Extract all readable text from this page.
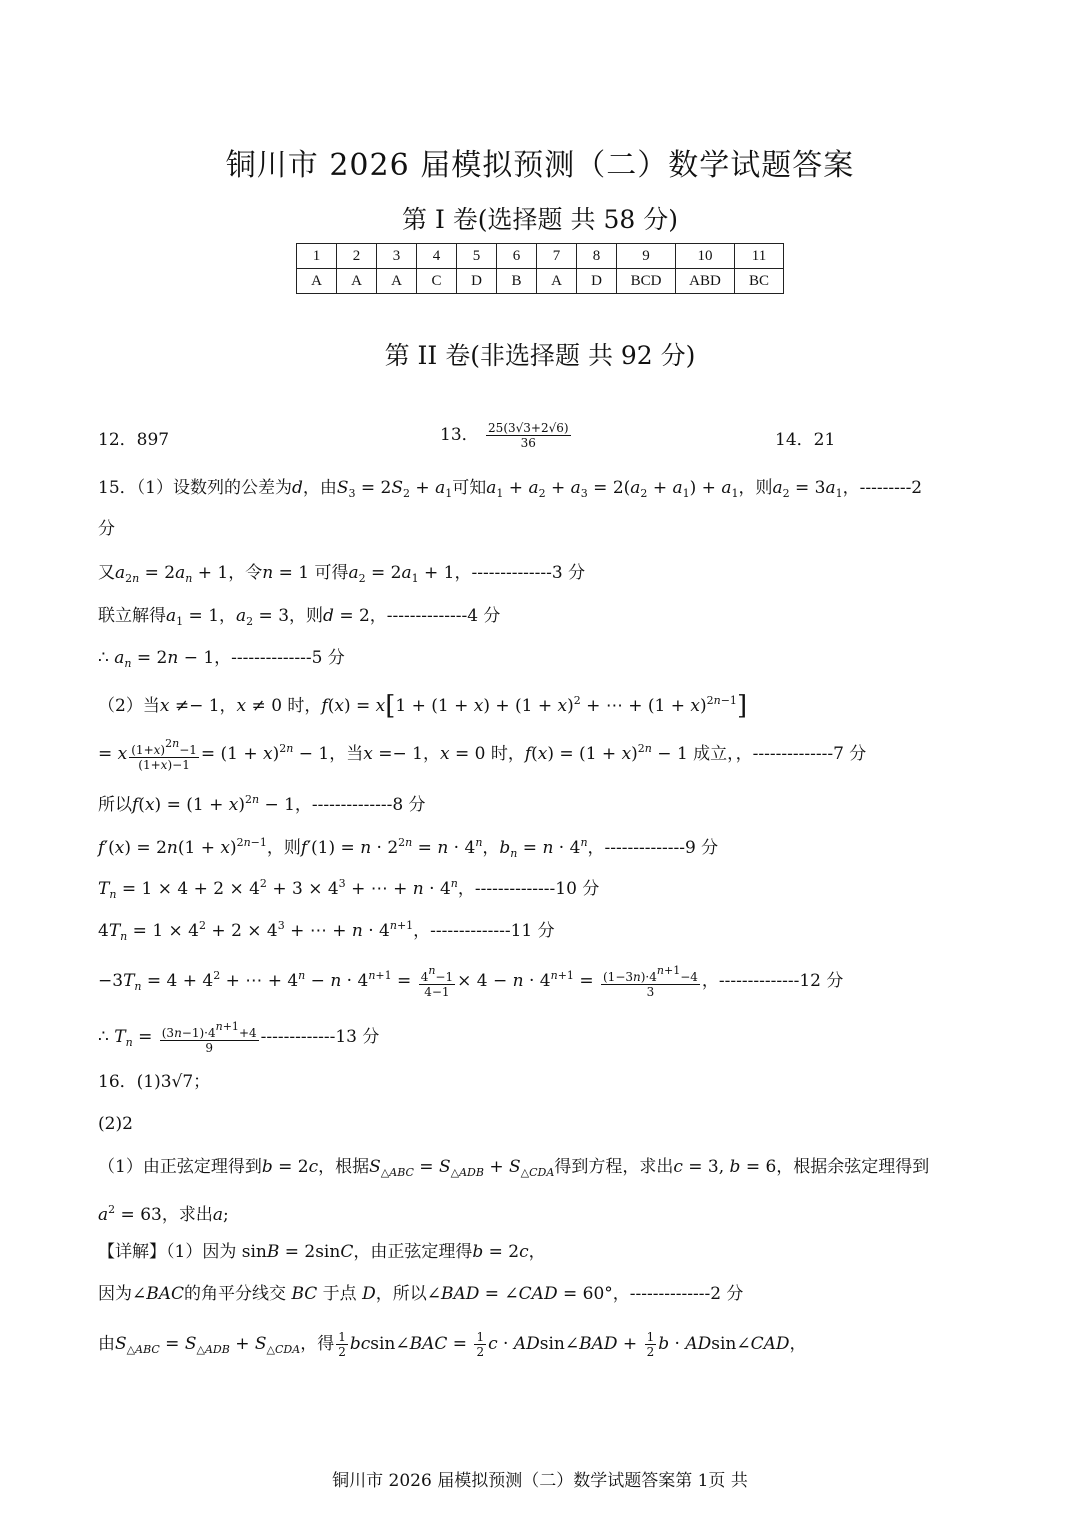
铜川市 2026 届模拟预测（二）数学试题答案
第 I 卷(选择题 共 58 分)
1	2	3	4	5	6	7	8	9	10	11
A	A	A	C	D	B	A	D	BCD	ABD	BC
第 II 卷(非选择题 共 92 分)
12．897	13． $\frac{25(3√3+2√6)}{36}$	14．21
15．（1）设数列的公差为d，由$S_3 = 2S_2 + a_1$可知$a_1 + a_2 + a_3 = 2(a_2 + a_1) + a_1$，则$a_2 = 3a_1$，---------2
分
又$a_{2n} = 2a_n + 1$，令n = 1 可得$a_2 = 2a_1 + 1$，--------------3 分
联立解得$a_1 = 1$，$a_2 = 3$，则d = 2，--------------4 分
∴ $a_n = 2n - 1$，--------------5 分
（2）当x ≠− 1，x ≠ 0 时，$f(x) = x[1 + (1 + x) + (1 + x)^2$ + ⋯ + $(1 + x)^{2n-1}$]
= x $\frac{(1+x)^{2n}-1}{(1+x)-1} = (1 + x)^{2n} - 1$，当x =− 1，x = 0 时，$f(x) = (1 + x)^{2n} - 1$ 成立，，--------------7 分
所以$f(x) = (1 + x)^{2n} - 1$，--------------8 分
$f'(x) = 2n(1 + x)^{2n-1}$，则$f'(1) = n \cdot 2^{2n} = n \cdot 4^n$，$b_n = n \cdot 4^n$，--------------9 分
$T_n = 1 \times 4 + 2 \times 4^2 + 3 \times 4^3$ + ⋯ + $n \cdot 4^n$，--------------10 分
$4T_n = 1 \times 4^2 + 2 \times 4^3$ + ⋯ + $n \cdot 4^{n+1}$，--------------11 分
$-3T_n = 4 + 4^2$ + ⋯ + $4^n - n \cdot 4^{n+1} = \frac{4^n-1}{4-1} \times 4 - n \cdot 4^{n+1} = \frac{(1-3n)\cdot 4^{n+1}-4}{3}$ ，--------------12 分
∴ $T_n = \frac{(3n-1)\cdot 4^{n+1}+4}{9} -------------13$ 分
16．(1)3√7；
(2)2
（1）由正弦定理得到b = 2c，根据$S_{\triangle ABC} = S_{\triangle ADB} + S_{\triangle CDA}$得到方程，求出c = 3, b = 6，根据余弦定理得到
$a^2 = 63$，求出a;
【详解】（1）因为 sinB = 2sinC，由正弦定理得b = 2c，
因为∠BAC的角平分线交 BC 于点 D，所以∠BAD = ∠CAD = 60°，--------------2 分
由$S_{\triangle ABC} = S_{\triangle ADB} + S_{\triangle CDA}$，得 $\frac{1}{2}$ bcsin∠BAC = $\frac{1}{2}$ c · ADsin∠BAD + $\frac{1}{2}$ b · ADsin∠CAD，
铜川市 2026 届模拟预测（二）数学试题答案第 1页 共
